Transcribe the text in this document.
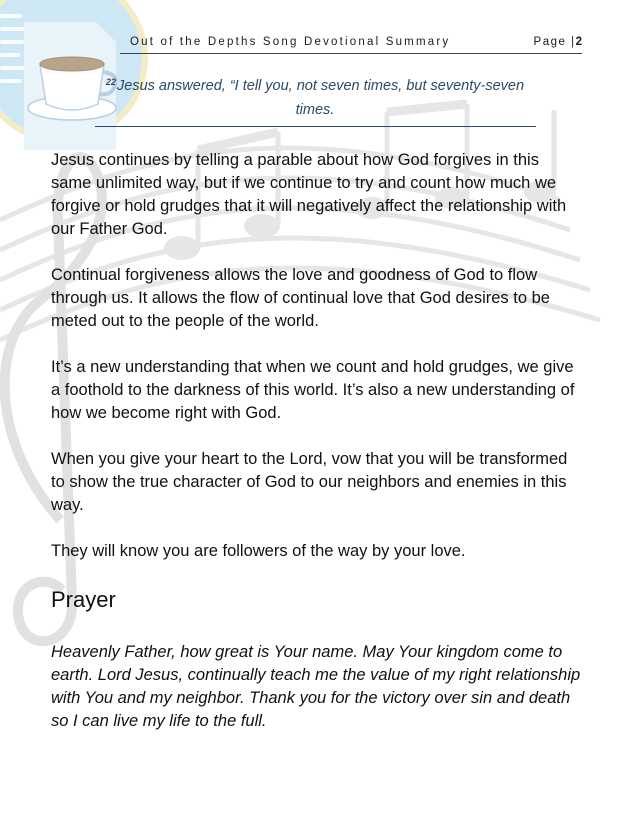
Out of the Depths Song Devotional Summary	Page |2
$^{22}$Jesus answered, “I tell you, not seven times, but seventy-seven times.

Jesus continues by telling a parable about how God forgives in this same unlimited way, but if we continue to try and count how much we forgive or hold grudges that it will negatively affect the relationship with our Father God.

Continual forgiveness allows the love and goodness of God to flow through us. It allows the flow of continual love that God desires to be meted out to the people of the world.

It’s a new understanding that when we count and hold grudges, we give a foothold to the darkness of this world. It’s also a new understanding of how we become right with God.

When you give your heart to the Lord, vow that you will be transformed to show the true character of God to our neighbors and enemies in this way.

They will know you are followers of the way by your love.

Prayer

Heavenly Father, how great is Your name. May Your kingdom come to earth. Lord Jesus, continually teach me the value of my right relationship with You and my neighbor. Thank you for the victory over sin and death so I can live my life to the full.
